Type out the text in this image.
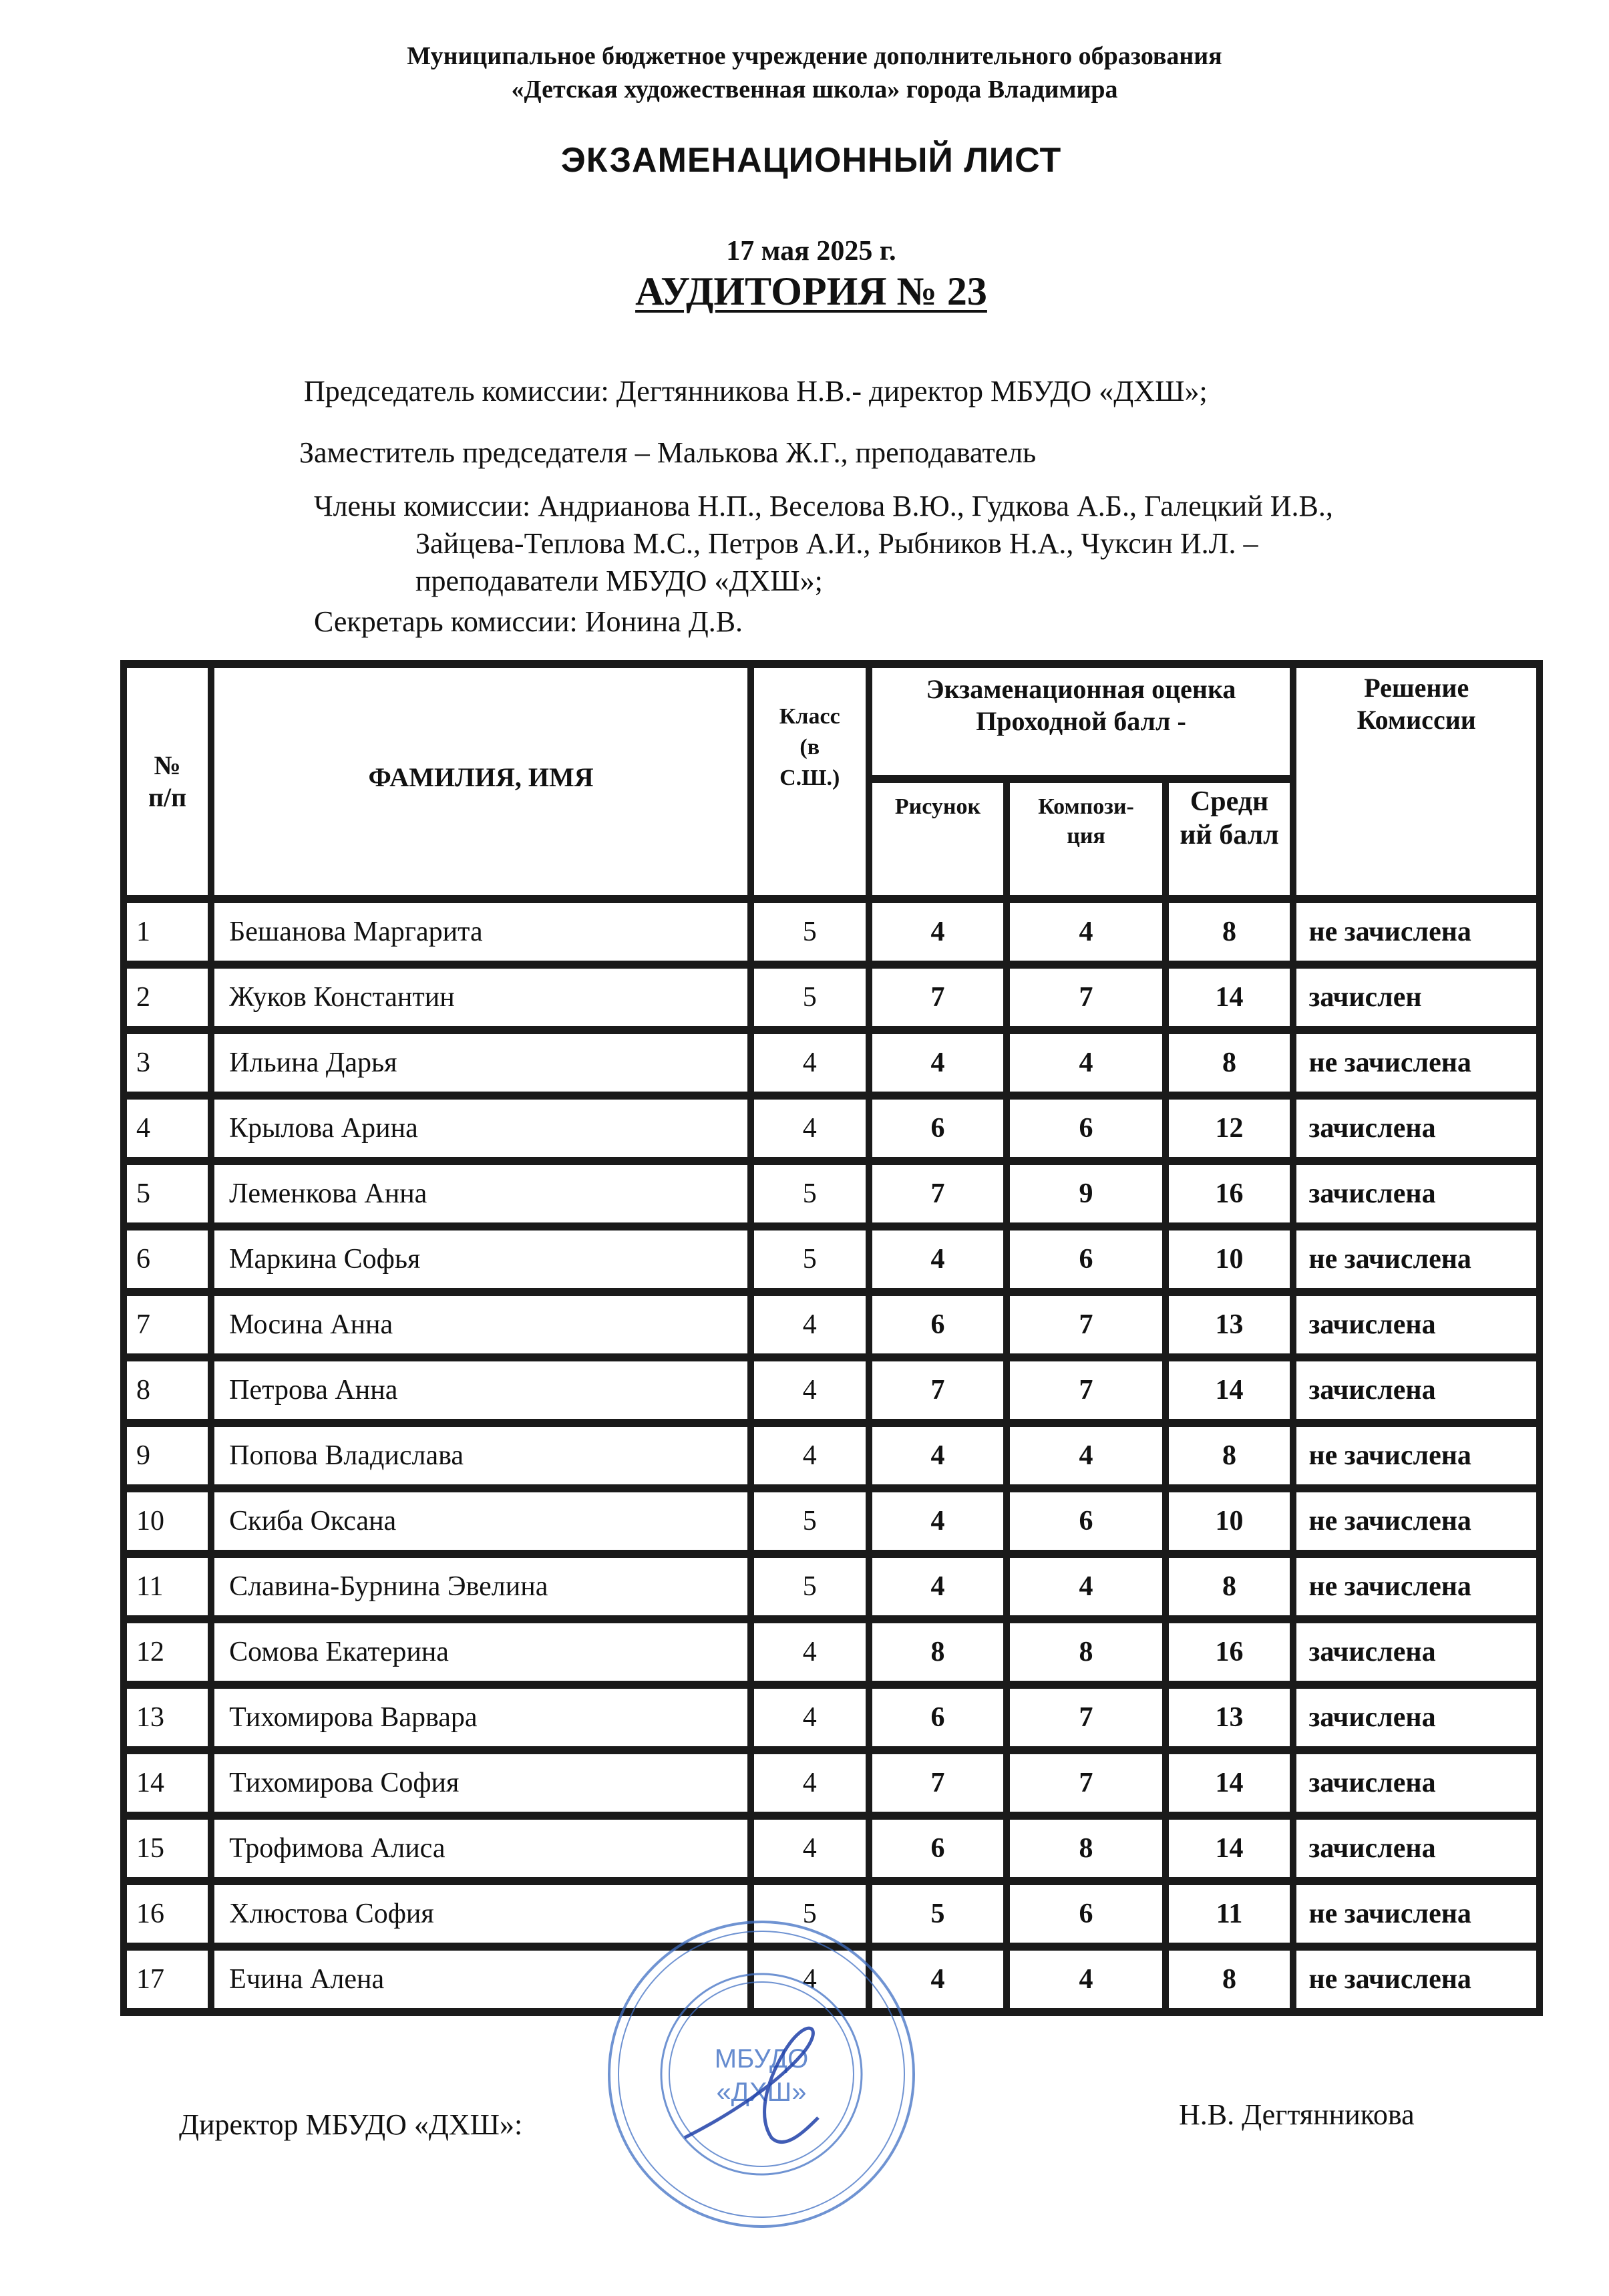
Муниципальное бюджетное учреждение дополнительного образования
«Детская художественная школа» города Владимира
ЭКЗАМЕНАЦИОННЫЙ ЛИСТ
17 мая 2025 г.
АУДИТОРИЯ № 23
Председатель комиссии: Дегтянникова Н.В.- директор МБУДО «ДХШ»;
Заместитель председателя – Малькова Ж.Г., преподаватель
Члены комиссии: Андрианова Н.П., Веселова В.Ю., Гудкова А.Б., Галецкий И.В.,
Зайцева-Теплова М.С., Петров А.И., Рыбников Н.А., Чуксин И.Л. –
преподаватели МБУДО «ДХШ»;
Секретарь комиссии: Ионина Д.В.
№ п/п	ФАМИЛИЯ, ИМЯ	Класс (в С.Ш.)	Экзаменационная оценка Проходной балл -			Решение Комиссии

			Рисунок	Компози- ция	Средн ий балл	

1	Бешанова Маргарита	5	4	4	8	не зачислена
2	Жуков Константин	5	7	7	14	зачислен
3	Ильина Дарья	4	4	4	8	не зачислена
4	Крылова Арина	4	6	6	12	зачислена
5	Леменкова Анна	5	7	9	16	зачислена
6	Маркина Софья	5	4	6	10	не зачислена
7	Мосина Анна	4	6	7	13	зачислена
8	Петрова Анна	4	7	7	14	зачислена
9	Попова Владислава	4	4	4	8	не зачислена
10	Скиба Оксана	5	4	6	10	не зачислена
11	Славина-Бурнина Эвелина	5	4	4	8	не зачислена
12	Сомова Екатерина	4	8	8	16	зачислена
13	Тихомирова Варвара	4	6	7	13	зачислена
14	Тихомирова София	4	7	7	14	зачислена
15	Трофимова Алиса	4	6	8	14	зачислена
16	Хлюстова София	5	5	6	11	не зачислена
17	Ечина Алена	4	4	4	8	не зачислена
Директор МБУДО «ДХШ»:	Н.В. Дегтянникова
МБУДО
«ДХШ»
